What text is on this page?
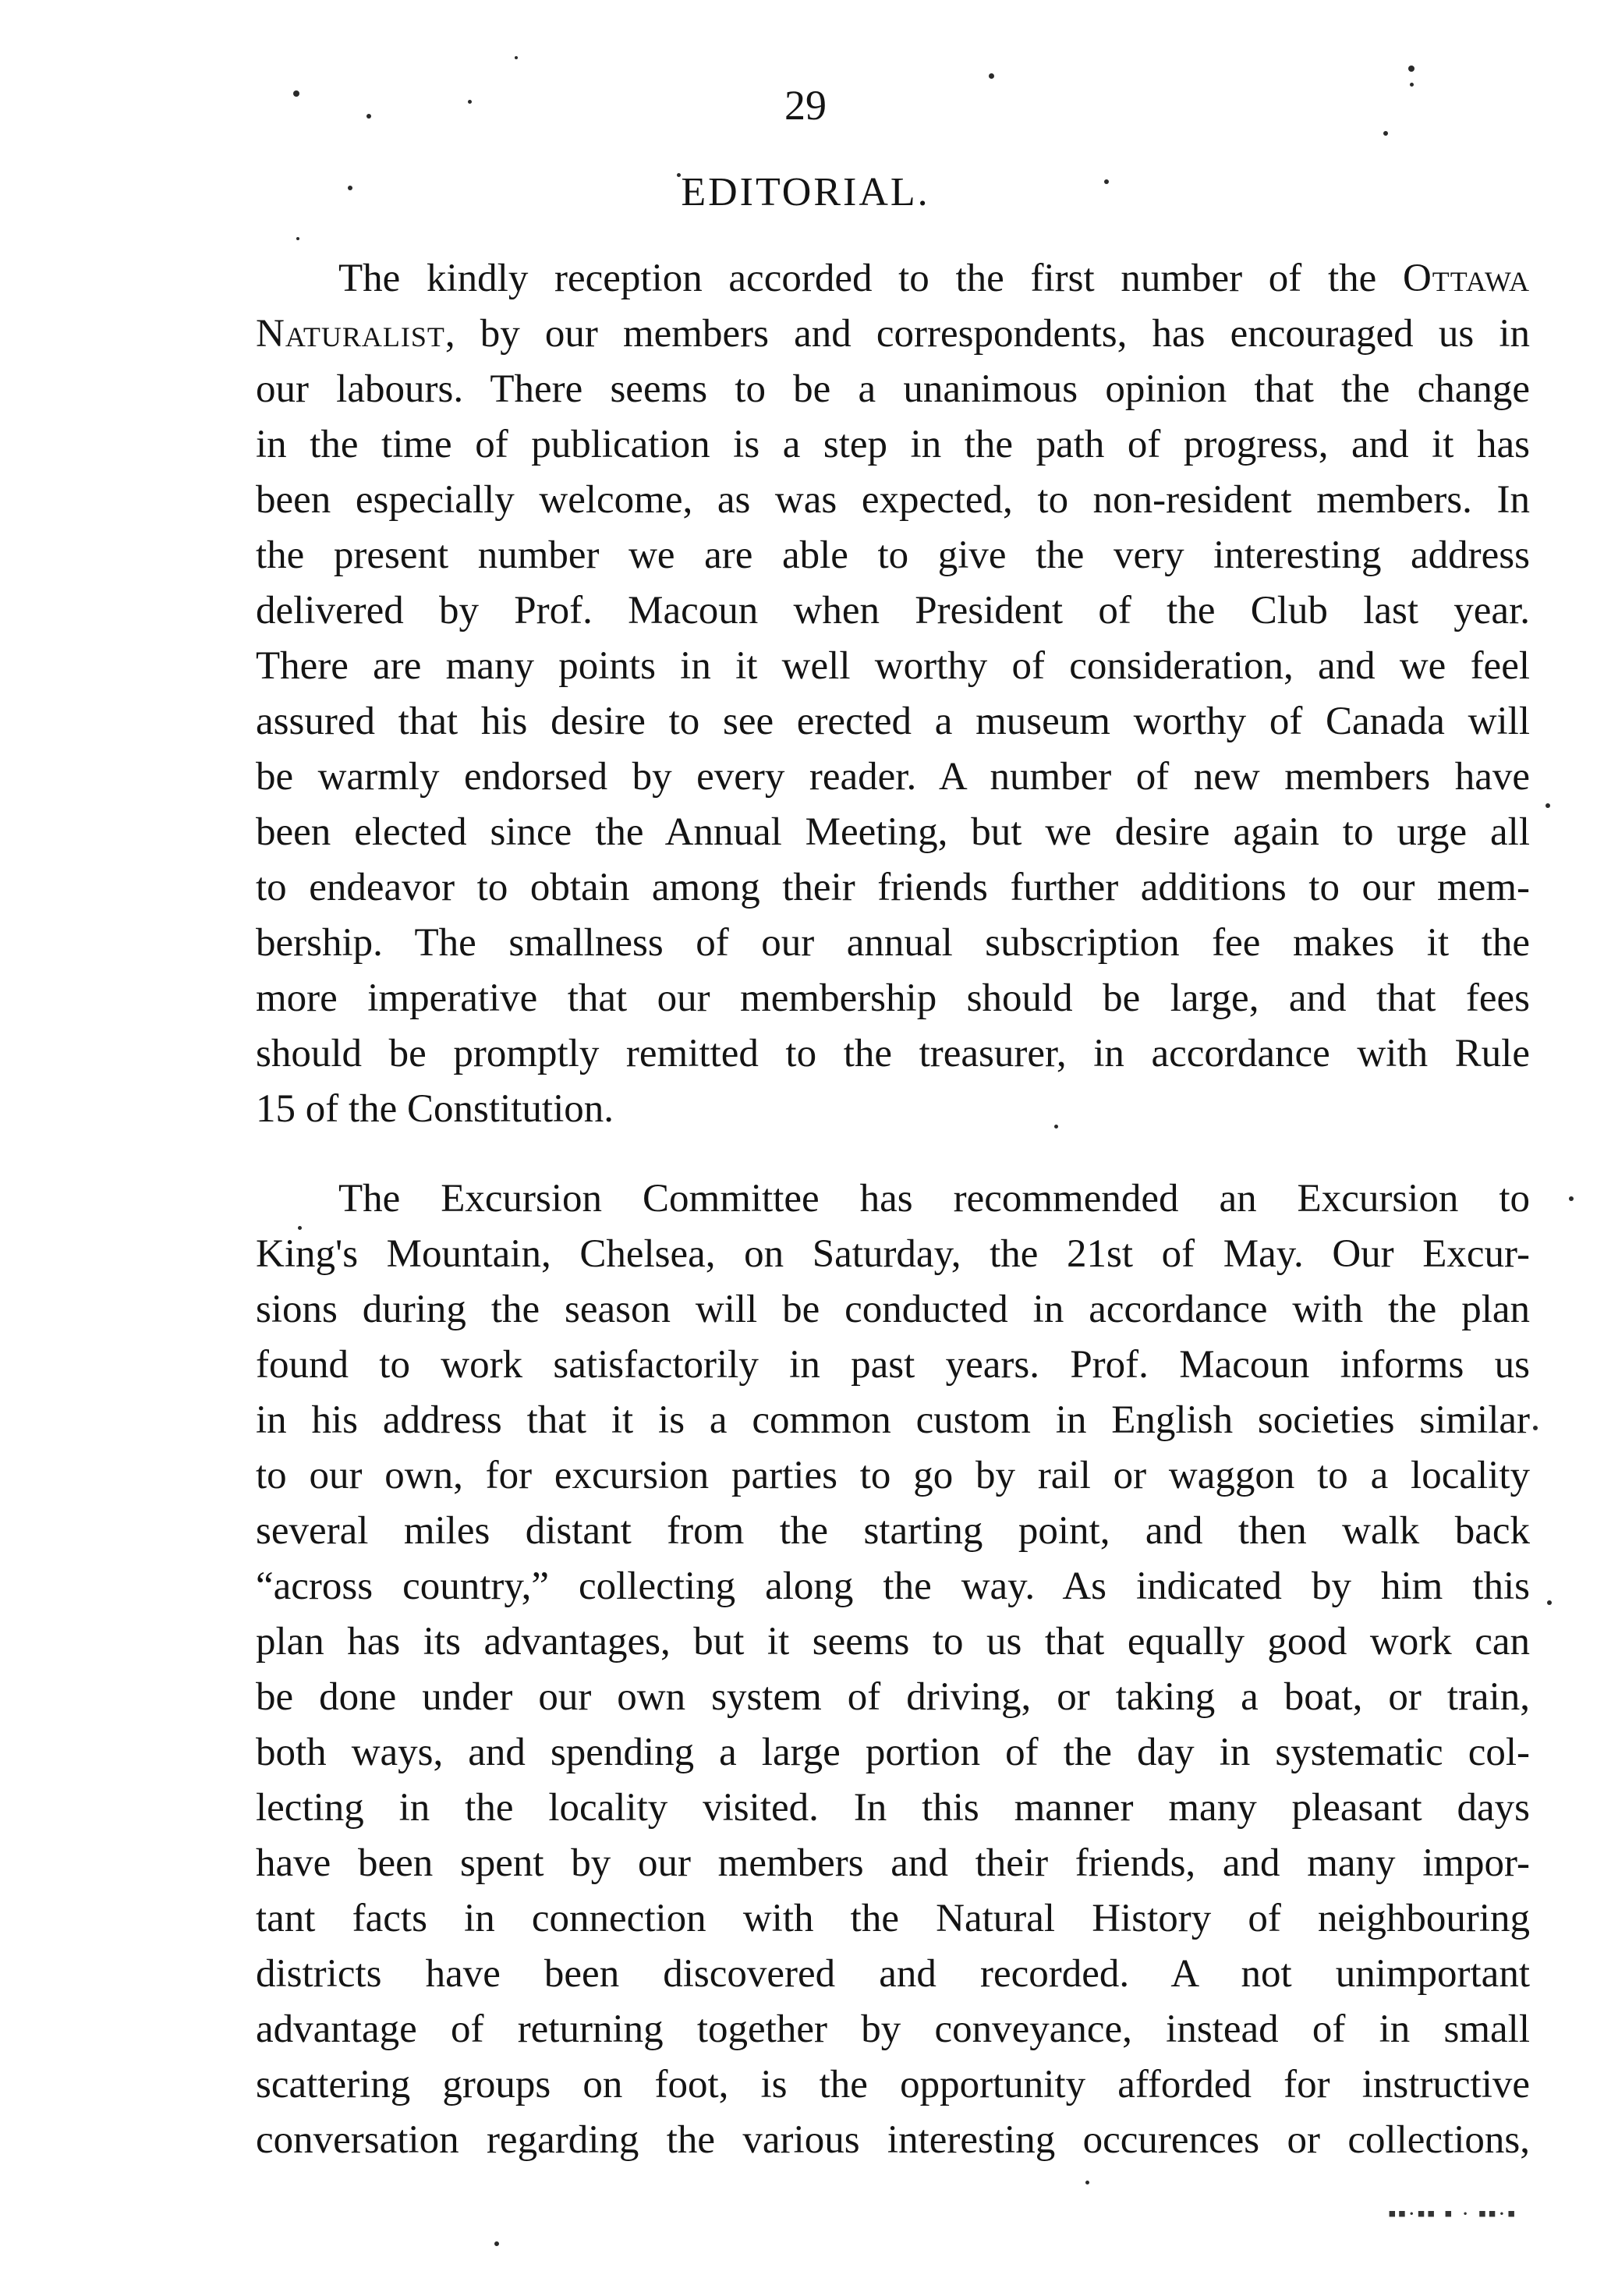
29
EDITORIAL.
The kindly reception accorded to the first number of the Ottawa
Naturalist, by our members and correspondents, has encouraged us in
our labours. There seems to be a unanimous opinion that the change
in the time of publication is a step in the path of progress, and it has
been especially welcome, as was expected, to non-resident members. In
the present number we are able to give the very interesting address
delivered by Prof. Macoun when President of the Club last year.
There are many points in it well worthy of consideration, and we feel
assured that his desire to see erected a museum worthy of Canada will
be warmly endorsed by every reader. A number of new members have
been elected since the Annual Meeting, but we desire again to urge all
to endeavor to obtain among their friends further additions to our mem-
bership. The smallness of our annual subscription fee makes it the
more imperative that our membership should be large, and that fees
should be promptly remitted to the treasurer, in accordance with Rule
15 of the Constitution.
The Excursion Committee has recommended an Excursion to
King's Mountain, Chelsea, on Saturday, the 21st of May. Our Excur-
sions during the season will be conducted in accordance with the plan
found to work satisfactorily in past years. Prof. Macoun informs us
in his address that it is a common custom in English societies similar
to our own, for excursion parties to go by rail or waggon to a locality
several miles distant from the starting point, and then walk back
“across country,” collecting along the way. As indicated by him this
plan has its advantages, but it seems to us that equally good work can
be done under our own system of driving, or taking a boat, or train,
both ways, and spending a large portion of the day in systematic col-
lecting in the locality visited. In this manner many pleasant days
have been spent by our members and their friends, and many impor-
tant facts in connection with the Natural History of neighbouring
districts have been discovered and recorded. A not unimportant
advantage of returning together by conveyance, instead of in small
scattering groups on foot, is the opportunity afforded for instructive
conversation regarding the various interesting occurences or collections,
▪▪·▪▪ ▪ · ▪▪·▪
